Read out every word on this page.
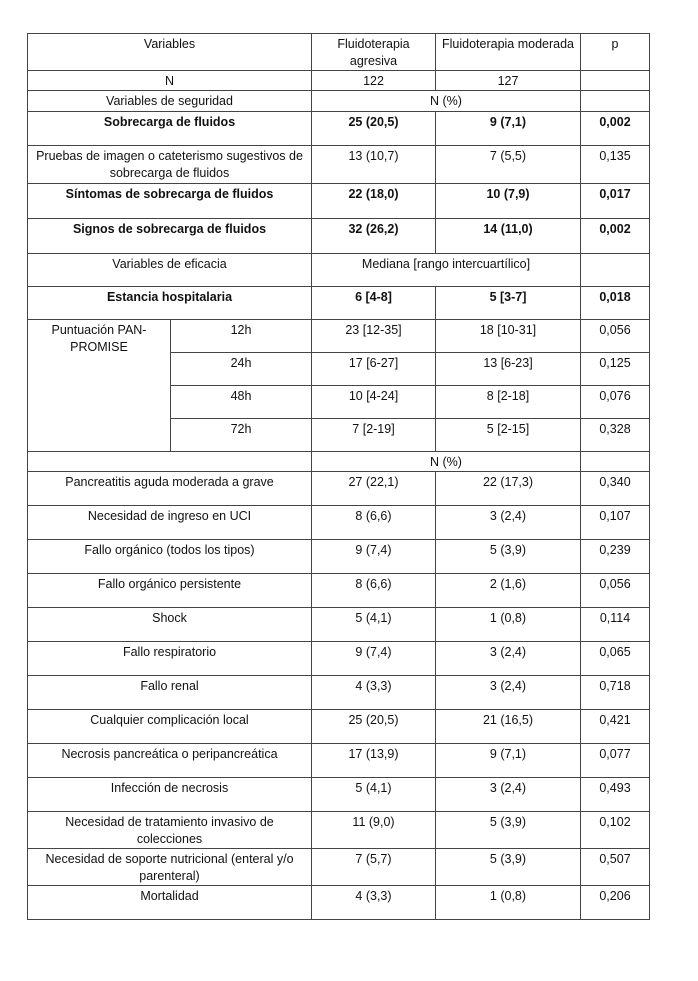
Variables		Fluidoterapia agresiva	Fluidoterapia moderada	p
N		122	127	
Variables de seguridad		N (%)		
Sobrecarga de fluidos		25 (20,5)	9 (7,1)	0,002
Pruebas de imagen o cateterismo sugestivos de sobrecarga de fluidos		13 (10,7)	7 (5,5)	0,135
Síntomas de sobrecarga de fluidos		22 (18,0)	10 (7,9)	0,017
Signos de sobrecarga de fluidos		32 (26,2)	14 (11,0)	0,002
Variables de eficacia		Mediana [rango intercuartílico]		
Estancia hospitalaria		6 [4-8]	5 [3-7]	0,018
Puntuación PAN-PROMISE	12h	23 [12-35]	18 [10-31]	0,056
	24h	17 [6-27]	13 [6-23]	0,125
	48h	10 [4-24]	8 [2-18]	0,076
	72h	7 [2-19]	5 [2-15]	0,328
		N (%)		
Pancreatitis aguda moderada a grave		27 (22,1)	22 (17,3)	0,340
Necesidad de ingreso en UCI		8 (6,6)	3 (2,4)	0,107
Fallo orgánico (todos los tipos)		9 (7,4)	5 (3,9)	0,239
Fallo orgánico persistente		8 (6,6)	2 (1,6)	0,056
Shock		5 (4,1)	1 (0,8)	0,114
Fallo respiratorio		9 (7,4)	3 (2,4)	0,065
Fallo renal		4 (3,3)	3 (2,4)	0,718
Cualquier complicación local		25 (20,5)	21 (16,5)	0,421
Necrosis pancreática o peripancreática		17 (13,9)	9 (7,1)	0,077
Infección de necrosis		5 (4,1)	3 (2,4)	0,493
Necesidad de tratamiento invasivo de colecciones		11 (9,0)	5 (3,9)	0,102
Necesidad de soporte nutricional (enteral y/o parenteral)		7 (5,7)	5 (3,9)	0,507
Mortalidad		4 (3,3)	1 (0,8)	0,206
